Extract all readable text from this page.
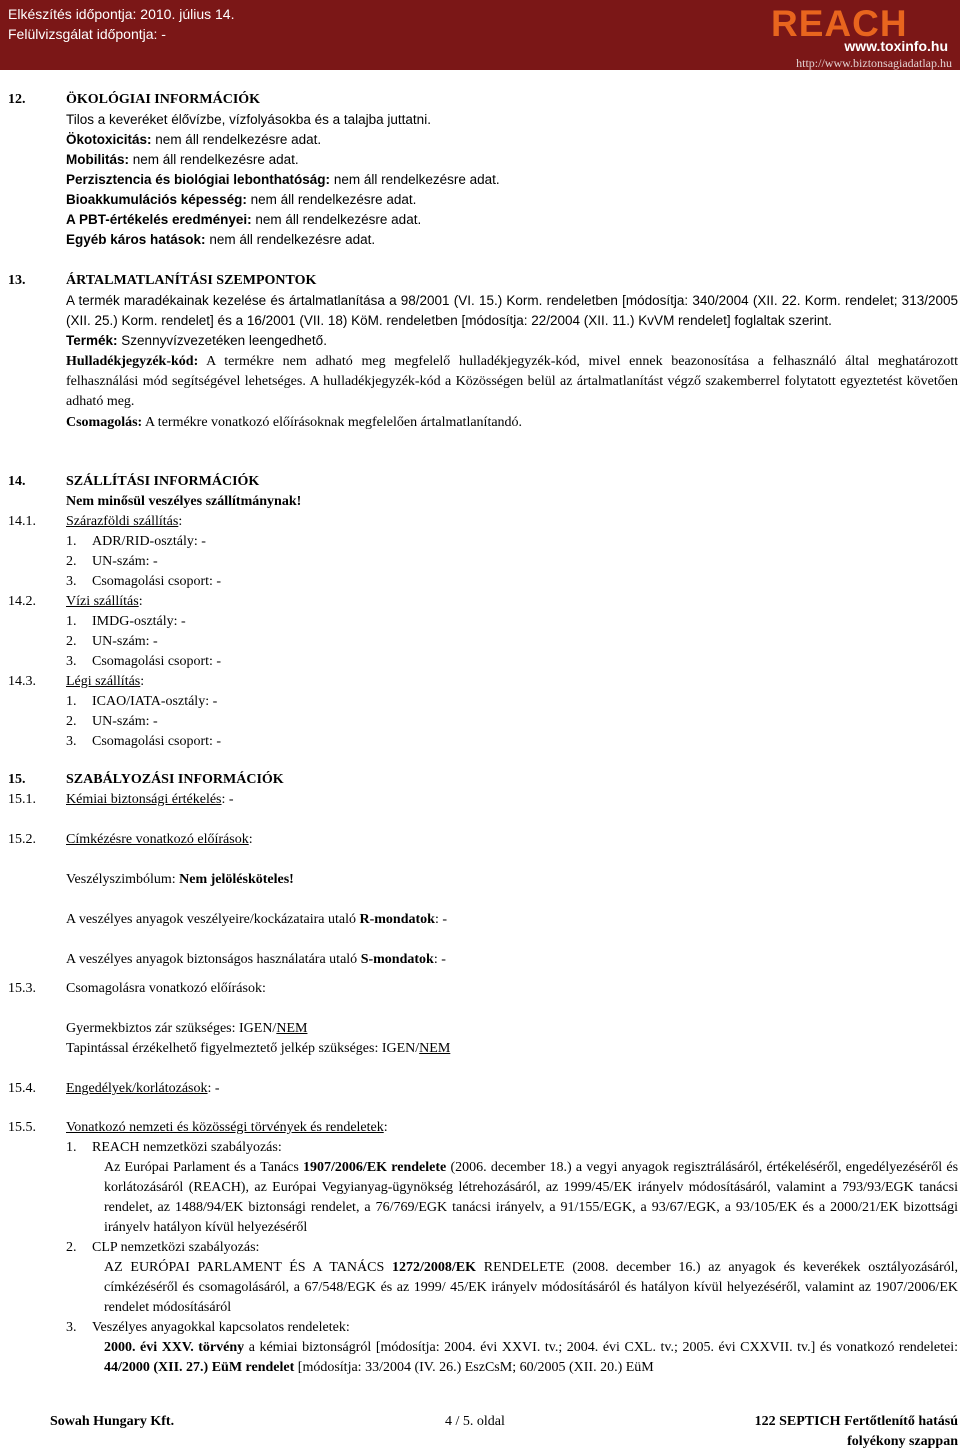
Elkészítés időpontja: 2010. július 14.
Felülvizsgálat időpontja: -	REACH
www.toxinfo.hu
http://www.biztonsagiadatlap.hu
12.	ÖKOLÓGIAI INFORMÁCIÓK
Tilos a keveréket élővízbe, vízfolyásokba és a talajba juttatni.
Ökotoxicitás: nem áll rendelkezésre adat.
Mobilitás: nem áll rendelkezésre adat.
Perzisztencia és biológiai lebonthatóság: nem áll rendelkezésre adat.
Bioakkumulációs képesség: nem áll rendelkezésre adat.
A PBT-értékelés eredményei: nem áll rendelkezésre adat.
Egyéb káros hatások: nem áll rendelkezésre adat.
13.	ÁRTALMATLANÍTÁSI SZEMPONTOK
A termék maradékainak kezelése és ártalmatlanítása a 98/2001 (VI. 15.) Korm. rendeletben [módosítja: 340/2004 (XII. 22. Korm. rendelet; 313/2005 (XII. 25.) Korm. rendelet] és a 16/2001 (VII. 18) KöM. rendeletben [módosítja: 22/2004 (XII. 11.) KvVM rendelet] foglaltak szerint.
Termék: Szennyvízvezetéken leengedhető.
Hulladékjegyzék-kód: A termékre nem adható meg megfelelő hulladékjegyzék-kód, mivel ennek beazonosítása a felhasználó által meghatározott felhasználási mód segítségével lehetséges. A hulladékjegyzék-kód a Közösségen belül az ártalmatlanítást végző szakemberrel folytatott egyeztetést követően adható meg.
Csomagolás: A termékre vonatkozó előírásoknak megfelelően ártalmatlanítandó.
14.	SZÁLLÍTÁSI INFORMÁCIÓK
Nem minősül veszélyes szállítmánynak!
14.1. Szárazföldi szállítás:
1. ADR/RID-osztály: -
2. UN-szám: -
3. Csomagolási csoport: -
14.2. Vízi szállítás:
1. IMDG-osztály: -
2. UN-szám: -
3. Csomagolási csoport: -
14.3. Légi szállítás:
1. ICAO/IATA-osztály: -
2. UN-szám: -
3. Csomagolási csoport: -
15.	SZABÁLYOZÁSI INFORMÁCIÓK
15.1. Kémiai biztonsági értékelés: -
15.2. Címkézésre vonatkozó előírások:
Veszélyszimbólum: Nem jelölésköteles!
A veszélyes anyagok veszélyeire/kockázataira utaló R-mondatok: -
A veszélyes anyagok biztonságos használatára utaló S-mondatok: -
15.3. Csomagolásra vonatkozó előírások:
Gyermekbiztos zár szükséges: IGEN/NEM
Tapintással érzékelhető figyelmeztető jelkép szükséges: IGEN/NEM
15.4. Engedélyek/korlátozások: -
15.5. Vonatkozó nemzeti és közösségi törvények és rendeletek:
1. REACH nemzetközi szabályozás:
Az Európai Parlament és a Tanács 1907/2006/EK rendelete (2006. december 18.) a vegyi anyagok regisztrálásáról, értékeléséről, engedélyezéséről és korlátozásáról (REACH), az Európai Vegyianyag-ügynökség létrehozásáról, az 1999/45/EK irányelv módosításáról, valamint a 793/93/EGK tanácsi rendelet, az 1488/94/EK biztonsági rendelet, a 76/769/EGK tanácsi irányelv, a 91/155/EGK, a 93/67/EGK, a 93/105/EK és a 2000/21/EK bizottsági irányelv hatályon kívül helyezéséről
2. CLP nemzetközi szabályozás:
AZ EURÓPAI PARLAMENT ÉS A TANÁCS 1272/2008/EK RENDELETE (2008. december 16.) az anyagok és keverékek osztályozásáról, címkézéséről és csomagolásáról, a 67/548/EGK és az 1999/ 45/EK irányelv módosításáról és hatályon kívül helyezéséről, valamint az 1907/2006/EK rendelet módosításáról
3. Veszélyes anyagokkal kapcsolatos rendeletek:
2000. évi XXV. törvény a kémiai biztonságról [módosítja: 2004. évi XXVI. tv.; 2004. évi CXL. tv.; 2005. évi CXXVII. tv.] és vonatkozó rendeletei: 44/2000 (XII. 27.) EüM rendelet [módosítja: 33/2004 (IV. 26.) EszCsM; 60/2005 (XII. 20.) EüM
Sowah Hungary Kft.	4 / 5. oldal	122 SEPTICH Fertőtlenítő hatású
folyékony szappan
